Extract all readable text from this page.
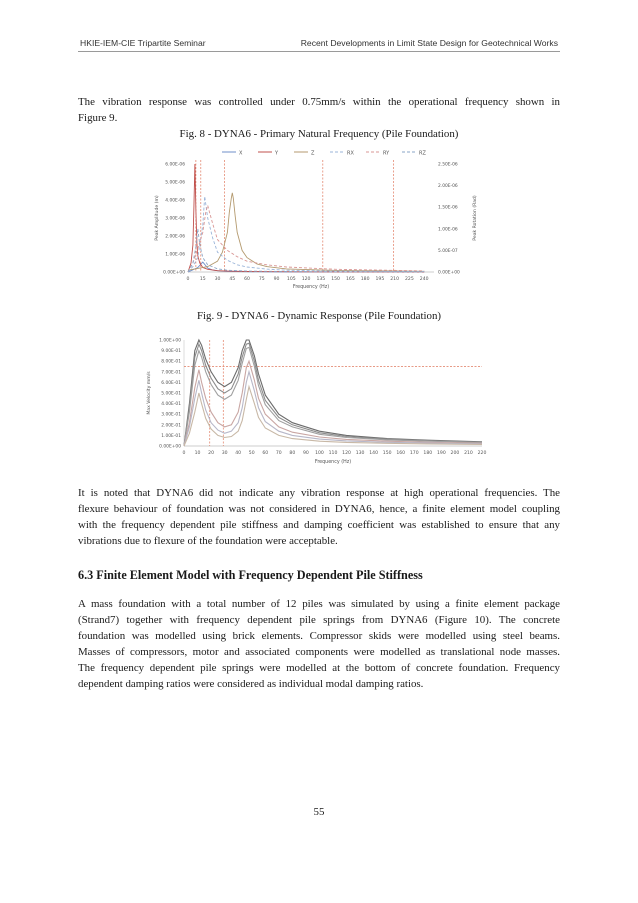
HKIE-IEM-CIE Tripartite Seminar	Recent Developments in Limit State Design for Geotechnical Works

The vibration response was controlled under 0.75mm/s within the operational frequency shown in
Figure 9.

Fig. 8 - DYNA6 - Primary Natural Frequency (Pile Foundation)

X	Y	Z	RX	RY	RZ
0.00E+00
1.00E-06
2.00E-06
3.00E-06
4.00E-06
5.00E-06
6.00E-06
0.00E+00
5.00E-07
1.00E-06
1.50E-06
2.00E-06
2.50E-06
0 15 30 45 60 75 90 105 120 135 150 165 180 195 210 225 240
Frequency (Hz)
Peak Amplitude (m)	Peak Rotation (Rad)

Fig. 9 - DYNA6 - Dynamic Response (Pile Foundation)

0.00E+00
1.00E-01
2.00E-01
3.00E-01
4.00E-01
5.00E-01
6.00E-01
7.00E-01
8.00E-01
9.00E-01
1.00E+00
0 10 20 30 40 50 60 70 80 90 100 110 120 130 140 150 160 170 180 190 200 210 220
Frequency (Hz)
Max Velocity mm/s

It is noted that DYNA6 did not indicate any vibration response at high operational frequencies. The
flexure behaviour of foundation was not considered in DYNA6, hence, a finite element model coupling
with the frequency dependent pile stiffness and damping coefficient was established to ensure that any
vibrations due to flexure of the foundation were acceptable.

6.3 Finite Element Model with Frequency Dependent Pile Stiffness

A mass foundation with a total number of 12 piles was simulated by using a finite element package
(Strand7) together with frequency dependent pile springs from DYNA6 (Figure 10). The concrete
foundation was modelled using brick elements. Compressor skids were modelled using steel beams.
Masses of compressors, motor and associated components were modelled as translational node masses.
The frequency dependent pile springs were modelled at the bottom of concrete foundation. Frequency
dependent damping ratios were considered as individual modal damping ratios.

55
